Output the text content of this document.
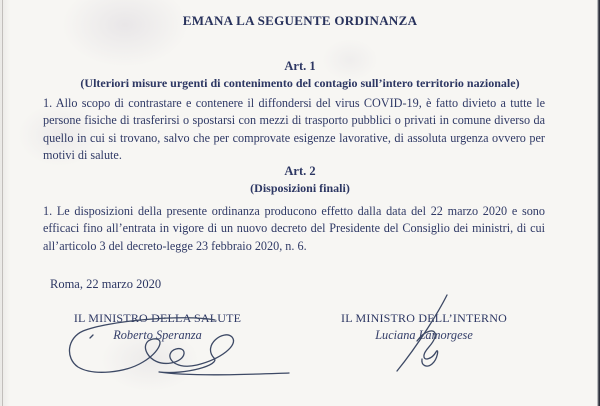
EMANA LA SEGUENTE ORDINANZA
Art. 1
(Ulteriori misure urgenti di contenimento del contagio sull’intero territorio nazionale)
1. Allo scopo di contrastare e contenere il diffondersi del virus COVID-19, è fatto divieto a tutte le persone fisiche di trasferirsi o spostarsi con mezzi di trasporto pubblici o privati in comune diverso da quello in cui si trovano, salvo che per comprovate esigenze lavorative, di assoluta urgenza ovvero per motivi di salute.
Art. 2
(Disposizioni finali)
1. Le disposizioni della presente ordinanza producono effetto dalla data del 22 marzo 2020 e sono efficaci fino all’entrata in vigore di un nuovo decreto del Presidente del Consiglio dei ministri, di cui all’articolo 3 del decreto-legge 23 febbraio 2020, n. 6.
Roma, 22 marzo 2020
IL MINISTRO DELLA SALUTE
Roberto Speranza
IL MINISTRO DELL’INTERNO
Luciana Lamorgese
